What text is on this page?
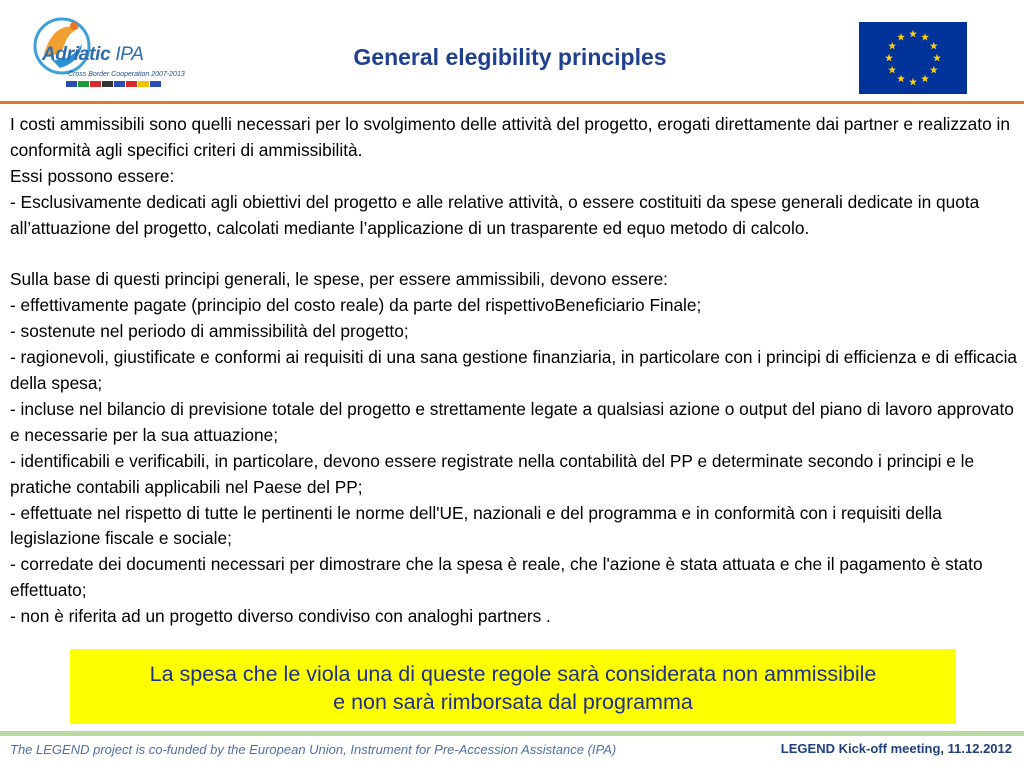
Adriatic IPA
Cross Border Cooperation 2007-2013
General elegibility principles

I costi ammissibili sono quelli necessari per lo svolgimento delle attività del progetto, erogati direttamente dai partner e realizzato in conformità agli specifici criteri di ammissibilità.

Essi possono essere:

- Esclusivamente dedicati agli obiettivi del progetto e alle relative attività, o essere costituiti da spese generali dedicate in quota all’attuazione del progetto, calcolati mediante l’applicazione di un trasparente ed equo metodo di calcolo.

Sulla base di questi principi generali, le spese, per essere ammissibili, devono essere:

- effettivamente pagate (principio del costo reale) da parte del rispettivoBeneficiario Finale;

- sostenute nel periodo di ammissibilità del progetto;

- ragionevoli, giustificate e conformi ai requisiti di una sana gestione finanziaria, in particolare con i principi di efficienza e di efficacia della spesa;

- incluse nel bilancio di previsione totale del progetto e strettamente legate a qualsiasi azione o output del piano di lavoro approvato e necessarie per la sua attuazione;

- identificabili e verificabili, in particolare, devono essere registrate nella contabilità del PP e determinate secondo i principi e le pratiche contabili applicabili nel Paese del PP;

- effettuate nel rispetto di tutte le pertinenti le norme dell'UE, nazionali e del programma e in conformità con i requisiti della legislazione fiscale e sociale;

- corredate dei documenti necessari per dimostrare che la spesa è reale, che l'azione è stata attuata e che il pagamento è stato effettuato;

- non è riferita ad un progetto diverso condiviso con analoghi partners .

La spesa che le viola una di queste regole sarà considerata non ammissibile
e non sarà rimborsata dal programma
The LEGEND project is co-funded by the European Union, Instrument for Pre-Accession Assistance (IPA)	LEGEND Kick-off meeting, 11.12.2012
